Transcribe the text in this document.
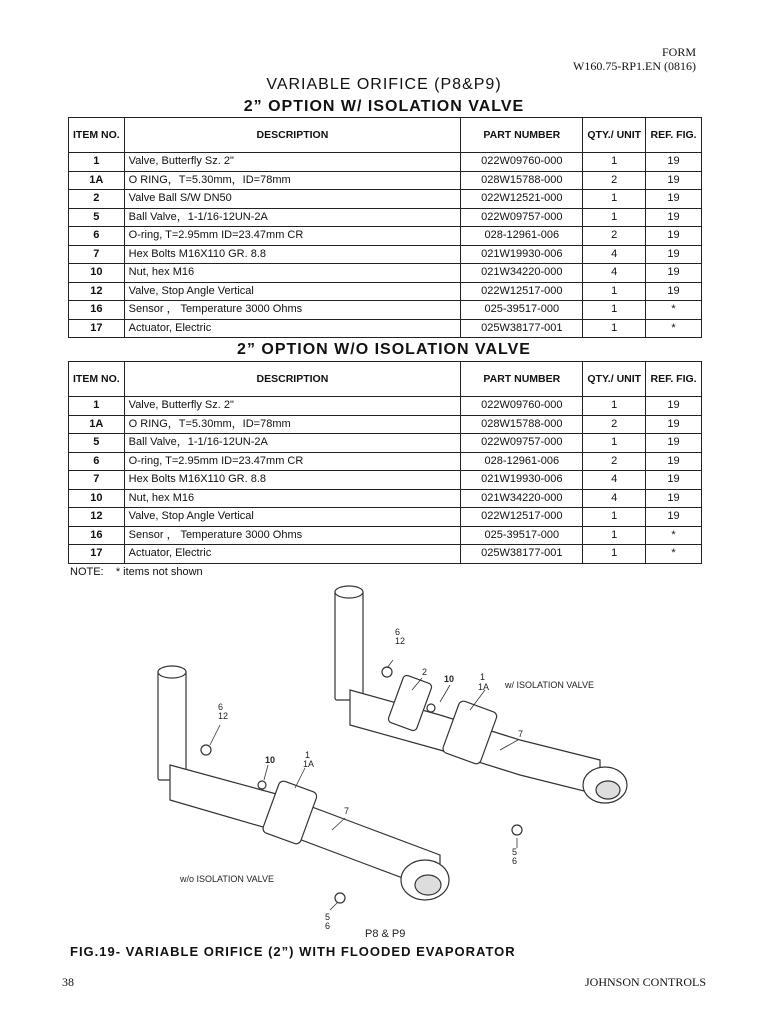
FORM
W160.75-RP1.EN (0816)
VARIABLE ORIFICE (P8&P9)
2” OPTION W/ ISOLATION VALVE
ITEM NO.	DESCRIPTION	PART NUMBER	QTY./ UNIT	REF. FIG.
1	Valve, Butterfly Sz. 2"	022W09760-000	1	19
1A	O RING，T=5.30mm，ID=78mm	028W15788-000	2	19
2	Valve Ball S/W DN50	022W12521-000	1	19
5	Ball Valve，1-1/16-12UN-2A	022W09757-000	1	19
6	O-ring, T=2.95mm ID=23.47mm CR	028-12961-006	2	19
7	Hex Bolts M16X110 GR. 8.8	021W19930-006	4	19
10	Nut, hex M16	021W34220-000	4	19
12	Valve, Stop Angle Vertical	022W12517-000	1	19
16	Sensor ， Temperature 3000 Ohms	025-39517-000	1	*
17	Actuator, Electric	025W38177-001	1	*
2” OPTION W/O ISOLATION VALVE
ITEM NO.	DESCRIPTION	PART NUMBER	QTY./ UNIT	REF. FIG.
1	Valve, Butterfly Sz. 2"	022W09760-000	1	19
1A	O RING，T=5.30mm，ID=78mm	028W15788-000	2	19
5	Ball Valve，1-1/16-12UN-2A	022W09757-000	1	19
6	O-ring, T=2.95mm ID=23.47mm CR	028-12961-006	2	19
7	Hex Bolts M16X110 GR. 8.8	021W19930-006	4	19
10	Nut, hex M16	021W34220-000	4	19
12	Valve, Stop Angle Vertical	022W12517-000	1	19
16	Sensor ， Temperature 3000 Ohms	025-39517-000	1	*
17	Actuator, Electric	025W38177-001	1	*
NOTE:    * items not shown
6
12
2
10	1
1A
7
5
6
6
12
10	1
1A
7
5
6
w/ ISOLATION VALVE
w/o ISOLATION VALVE
P8 & P9
FIG.19- VARIABLE ORIFICE (2”) WITH FLOODED EVAPORATOR
38	JOHNSON CONTROLS
